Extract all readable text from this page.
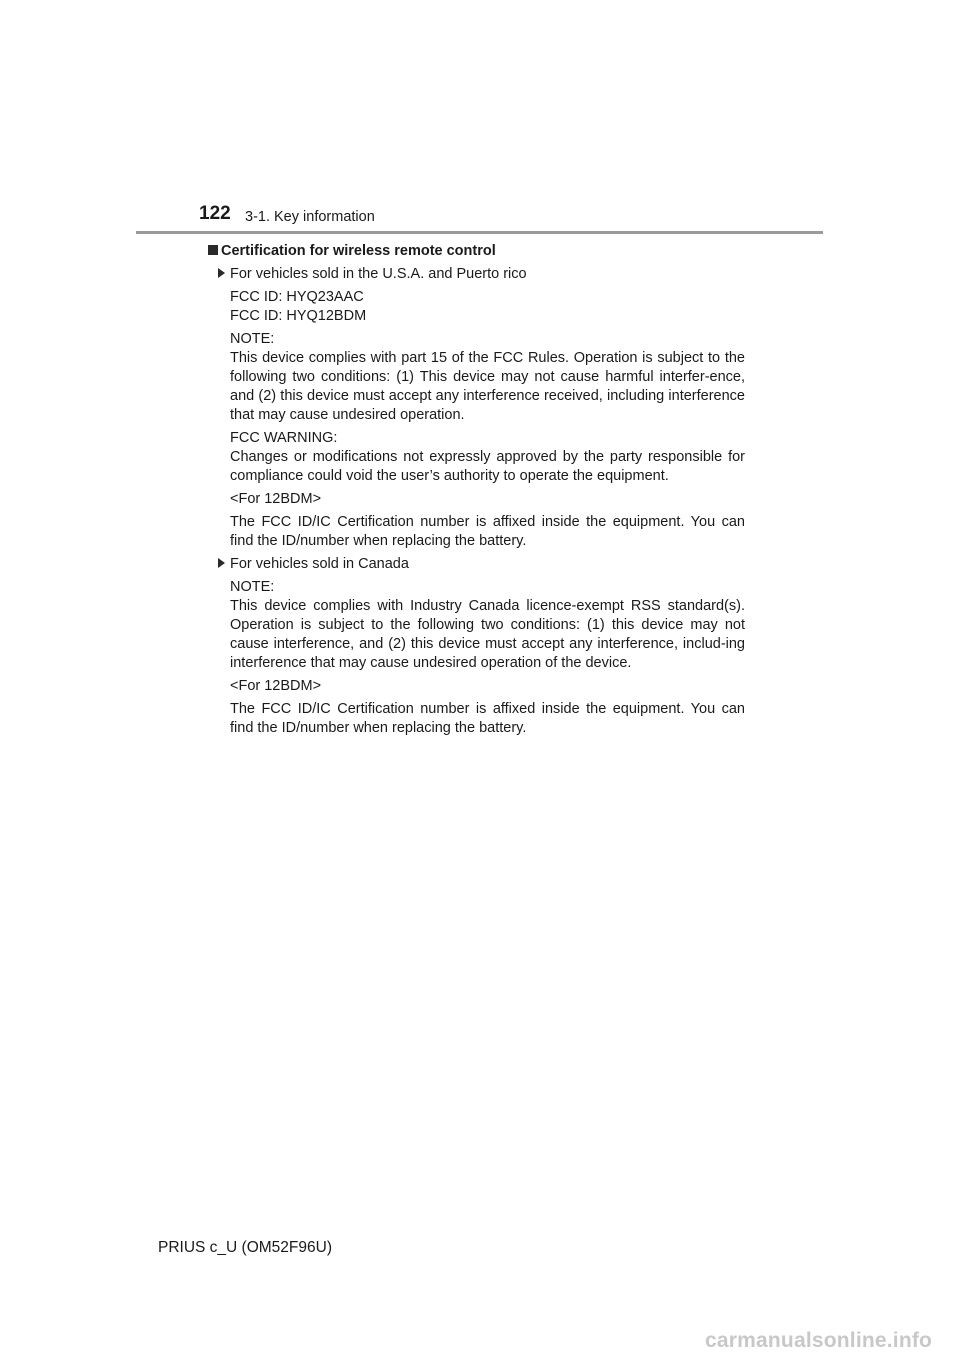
122 3-1. Key information
Certification for wireless remote control
For vehicles sold in the U.S.A. and Puerto rico
FCC ID: HYQ23AAC
FCC ID: HYQ12BDM
NOTE:
This device complies with part 15 of the FCC Rules. Operation is subject to the following two conditions: (1) This device may not cause harmful interfer-ence, and (2) this device must accept any interference received, including interference that may cause undesired operation.
FCC WARNING:
Changes or modifications not expressly approved by the party responsible for compliance could void the user’s authority to operate the equipment.
<For 12BDM>
The FCC ID/IC Certification number is affixed inside the equipment. You can find the ID/number when replacing the battery.
For vehicles sold in Canada
NOTE:
This device complies with Industry Canada licence-exempt RSS standard(s). Operation is subject to the following two conditions: (1) this device may not cause interference, and (2) this device must accept any interference, includ-ing interference that may cause undesired operation of the device.
<For 12BDM>
The FCC ID/IC Certification number is affixed inside the equipment. You can find the ID/number when replacing the battery.
PRIUS c_U (OM52F96U)
carmanualsonline.info
